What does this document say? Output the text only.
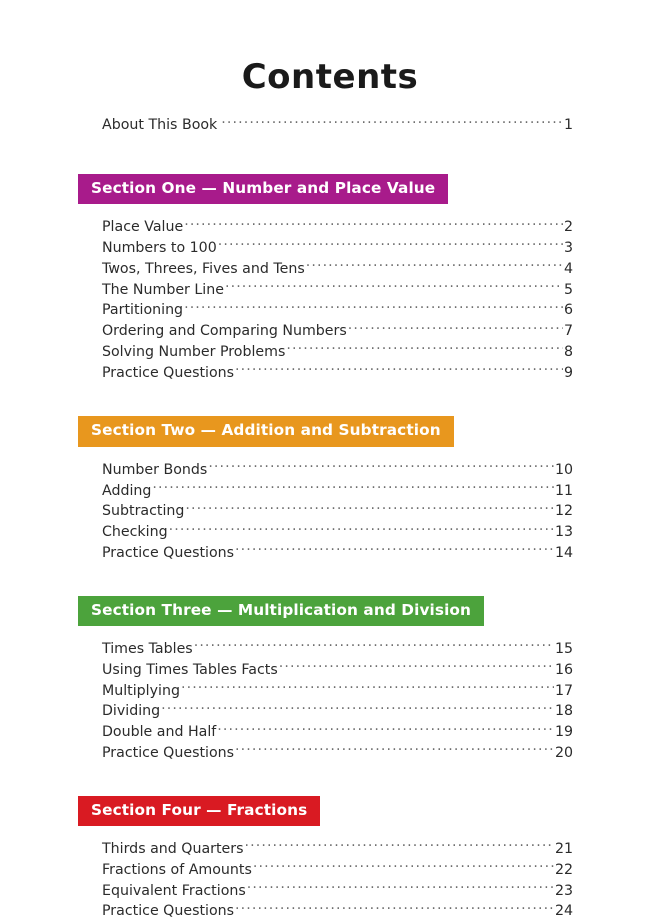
Contents
About This Book .....	1
Section One — Number and Place Value
Place Value .....	2
Numbers to 100 .....	3
Twos, Threes, Fives and Tens .....	4
The Number Line .....	5
Partitioning .....	6
Ordering and Comparing Numbers .....	7
Solving Number Problems .....	8
Practice Questions .....	9
Section Two — Addition and Subtraction
Number Bonds .....	10
Adding .....	11
Subtracting .....	12
Checking .....	13
Practice Questions .....	14
Section Three — Multiplication and Division
Times Tables .....	15
Using Times Tables Facts .....	16
Multiplying .....	17
Dividing .....	18
Double and Half .....	19
Practice Questions .....	20
Section Four — Fractions
Thirds and Quarters .....	21
Fractions of Amounts .....	22
Equivalent Fractions .....	23
Practice Questions .....	24
